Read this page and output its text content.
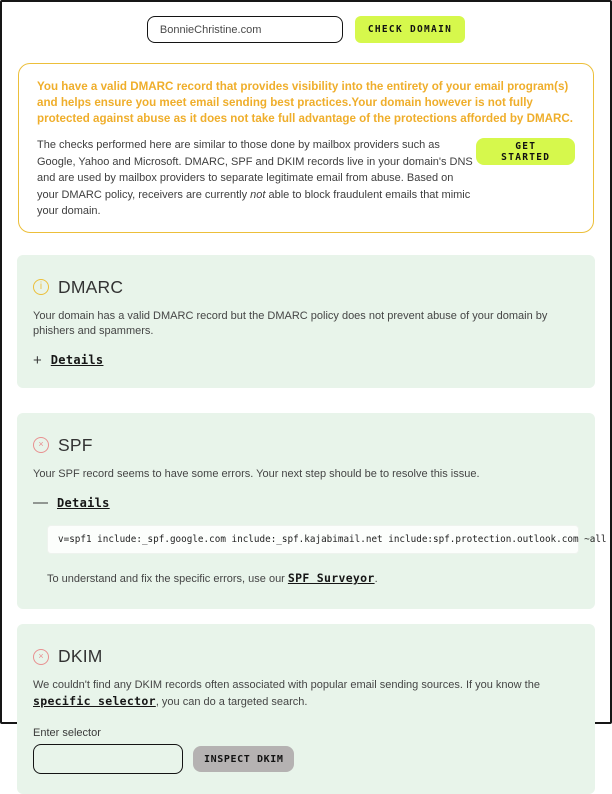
BonnieChristine.com
CHECK DOMAIN

You have a valid DMARC record that provides visibility into the entirety of your email program(s) and helps ensure you meet email sending best practices.Your domain however is not fully protected against abuse as it does not take full advantage of the protections afforded by DMARC.

The checks performed here are similar to those done by mailbox providers such as Google, Yahoo and Microsoft. DMARC, SPF and DKIM records live in your domain's DNS and are used by mailbox providers to separate legitimate email from abuse. Based on your DMARC policy, receivers are currently not able to block fraudulent emails that mimic your domain.

GET STARTED
i DMARC

Your domain has a valid DMARC record but the DMARC policy does not prevent abuse of your domain by phishers and spammers.

+ Details
× SPF

Your SPF record seems to have some errors. Your next step should be to resolve this issue.

— Details
v=spf1 include:_spf.google.com include:_spf.kajabimail.net include:spf.protection.outlook.com ~all

To understand and fix the specific errors, use our SPF Surveyor.

× DKIM

We couldn't find any DKIM records often associated with popular email sending sources. If you know the specific selector, you can do a targeted search.

Enter selector
INSPECT DKIM
